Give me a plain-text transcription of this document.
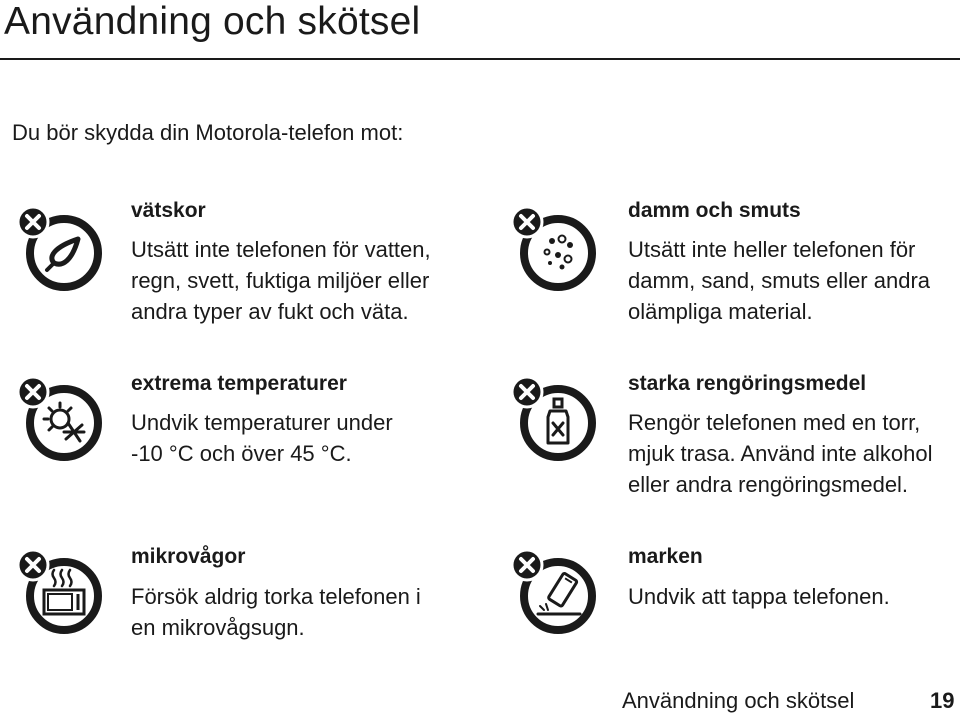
Användning och skötsel
Du bör skydda din Motorola-telefon mot:
vätskor
Utsätt inte telefonen för vatten,
regn, svett, fuktiga miljöer eller
andra typer av fukt och väta.
damm och smuts
Utsätt inte heller telefonen för
damm, sand, smuts eller andra
olämpliga material.
extrema temperaturer
Undvik temperaturer under
-10 °C och över 45 °C.
starka rengöringsmedel
Rengör telefonen med en torr,
mjuk trasa. Använd inte alkohol
eller andra rengöringsmedel.
mikrovågor
Försök aldrig torka telefonen i
en mikrovågsugn.
marken
Undvik att tappa telefonen.
Användning och skötsel	19
